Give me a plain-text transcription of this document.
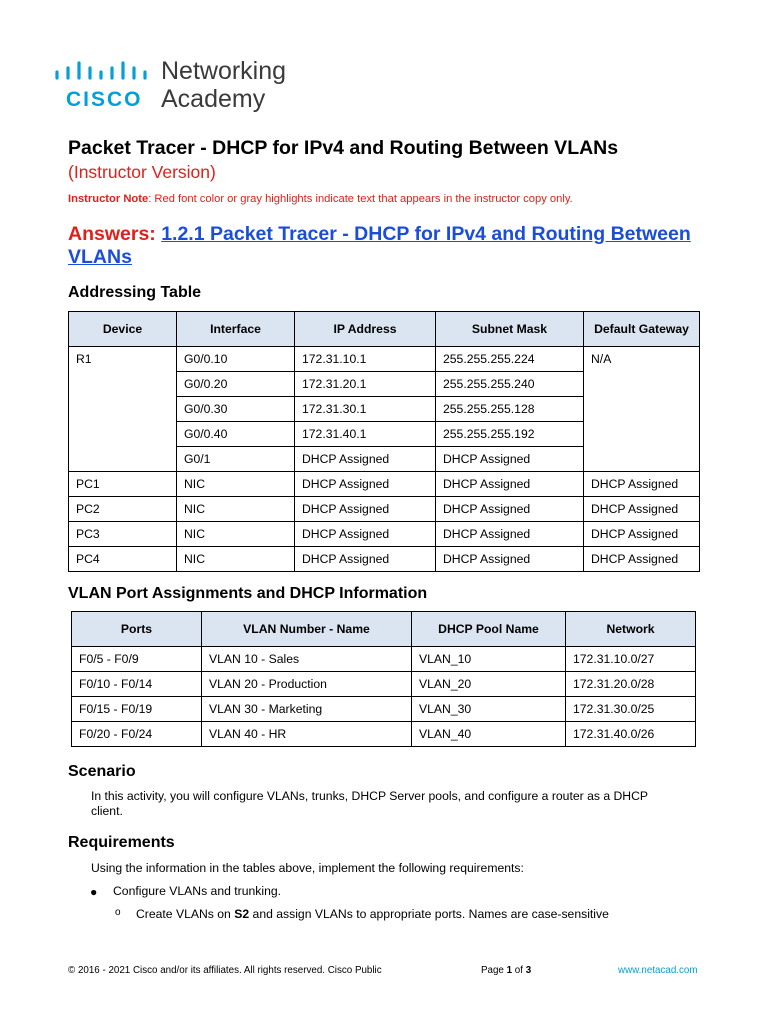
CISCO
Networking
Academy
Packet Tracer - DHCP for IPv4 and Routing Between VLANs
(Instructor Version)
Instructor Note: Red font color or gray highlights indicate text that appears in the instructor copy only.
Answers: 1.2.1 Packet Tracer - DHCP for IPv4 and Routing Between VLANs
Addressing Table
Device	Interface	IP Address	Subnet Mask	Default Gateway
R1	G0/0.10	172.31.10.1	255.255.255.224	N/A
	G0/0.20	172.31.20.1	255.255.255.240	
	G0/0.30	172.31.30.1	255.255.255.128	
	G0/0.40	172.31.40.1	255.255.255.192	
	G0/1	DHCP Assigned	DHCP Assigned	
PC1	NIC	DHCP Assigned	DHCP Assigned	DHCP Assigned
PC2	NIC	DHCP Assigned	DHCP Assigned	DHCP Assigned
PC3	NIC	DHCP Assigned	DHCP Assigned	DHCP Assigned
PC4	NIC	DHCP Assigned	DHCP Assigned	DHCP Assigned
VLAN Port Assignments and DHCP Information
Ports	VLAN Number - Name	DHCP Pool Name	Network
F0/5 - F0/9	VLAN 10 - Sales	VLAN_10	172.31.10.0/27
F0/10 - F0/14	VLAN 20 - Production	VLAN_20	172.31.20.0/28
F0/15 - F0/19	VLAN 30 - Marketing	VLAN_30	172.31.30.0/25
F0/20 - F0/24	VLAN 40 - HR	VLAN_40	172.31.40.0/26
Scenario
In this activity, you will configure VLANs, trunks, DHCP Server pools, and configure a router as a DHCP client.
Requirements
Using the information in the tables above, implement the following requirements:
● Configure VLANs and trunking.
o Create VLANs on S2 and assign VLANs to appropriate ports. Names are case-sensitive
© 2016 - 2021 Cisco and/or its affiliates. All rights reserved. Cisco Public	Page 1 of 3	www.netacad.com
